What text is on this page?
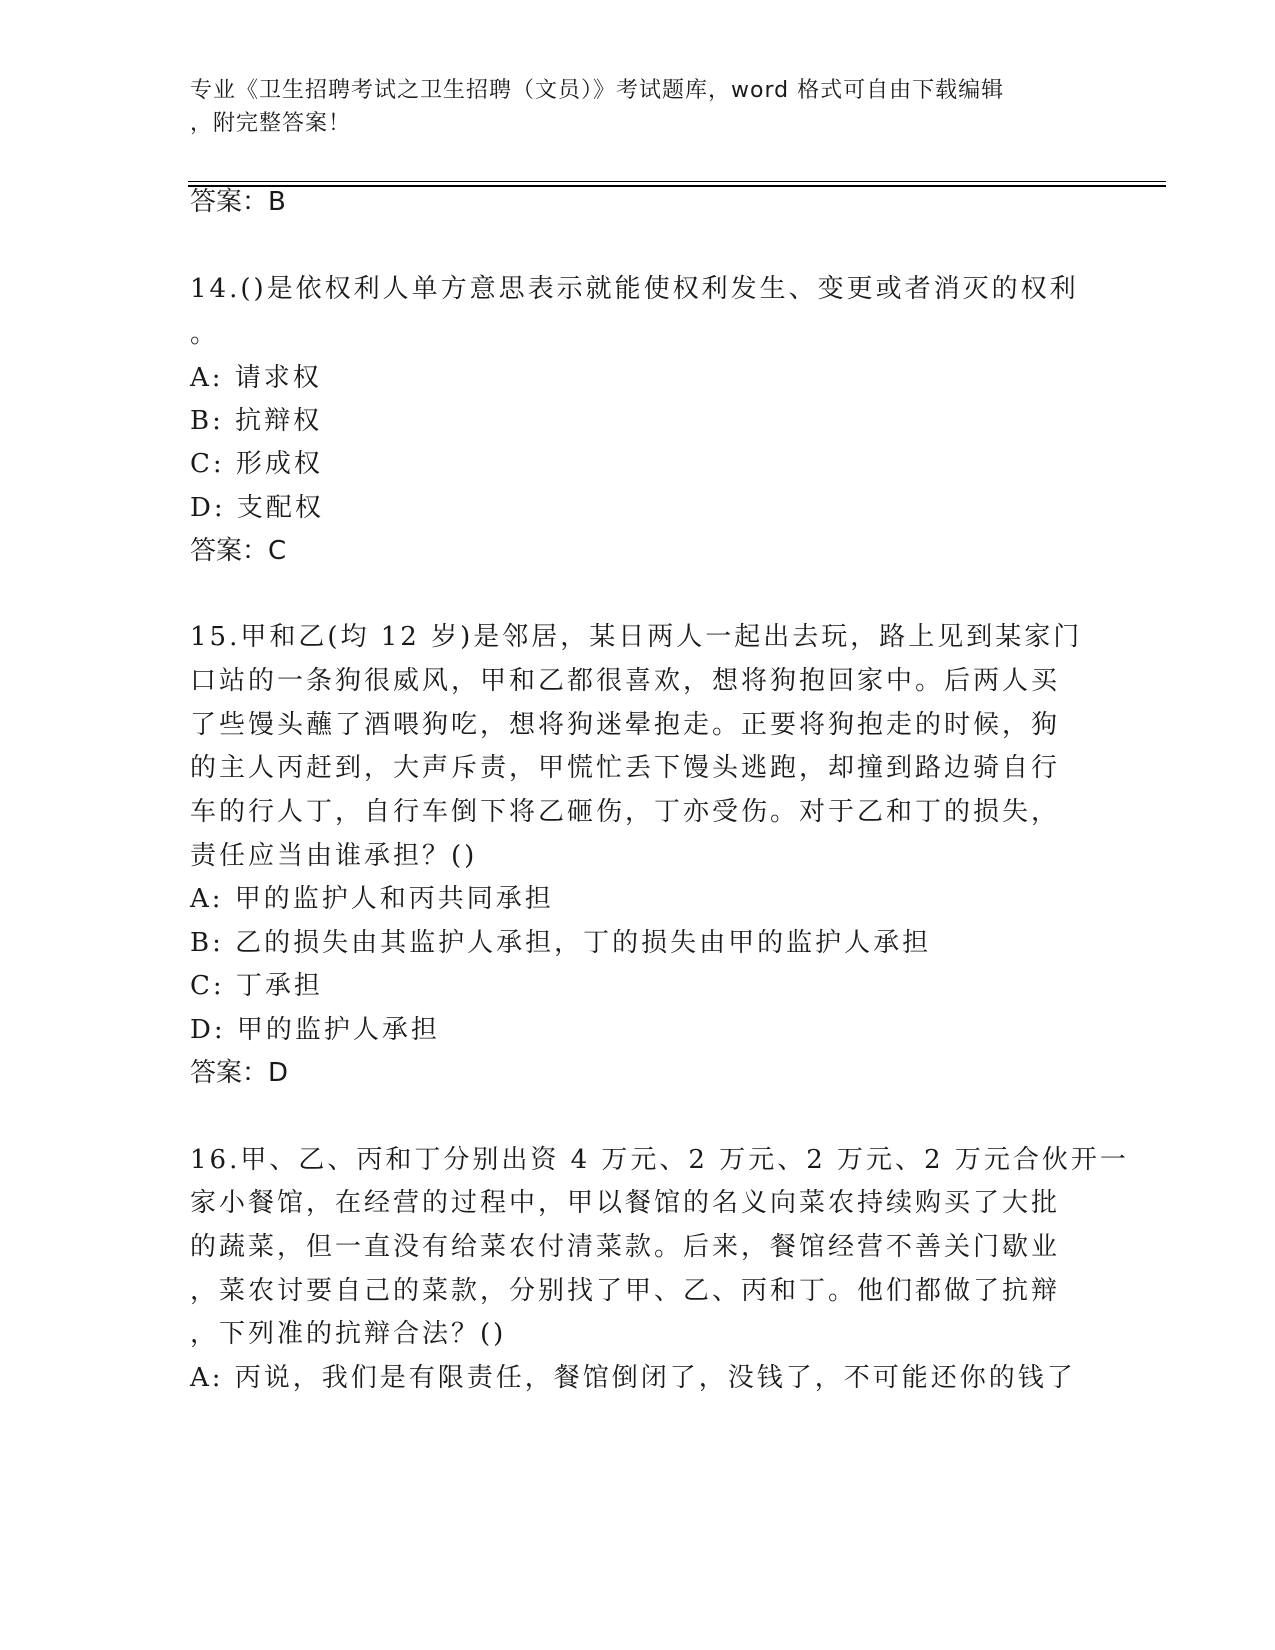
专业《卫生招聘考试之卫生招聘（文员）》考试题库，word 格式可自由下载编辑
，附完整答案！
答案：B
14.()是依权利人单方意思表示就能使权利发生、变更或者消灭的权利
。
A: 请求权
B: 抗辩权
C: 形成权
D: 支配权
答案：C
15.甲和乙(均 12 岁)是邻居，某日两人一起出去玩，路上见到某家门
口站的一条狗很威风，甲和乙都很喜欢，想将狗抱回家中。后两人买
了些馒头蘸了酒喂狗吃，想将狗迷晕抱走。正要将狗抱走的时候，狗
的主人丙赶到，大声斥责，甲慌忙丢下馒头逃跑，却撞到路边骑自行
车的行人丁，自行车倒下将乙砸伤，丁亦受伤。对于乙和丁的损失，
责任应当由谁承担？()
A: 甲的监护人和丙共同承担
B: 乙的损失由其监护人承担，丁的损失由甲的监护人承担
C: 丁承担
D: 甲的监护人承担
答案：D
16.甲、乙、丙和丁分别出资 4 万元、2 万元、2 万元、2 万元合伙开一
家小餐馆，在经营的过程中，甲以餐馆的名义向菜农持续购买了大批
的蔬菜，但一直没有给菜农付清菜款。后来，餐馆经营不善关门歇业
，菜农讨要自己的菜款，分别找了甲、乙、丙和丁。他们都做了抗辩
，下列准的抗辩合法？()
A: 丙说，我们是有限责任，餐馆倒闭了，没钱了，不可能还你的钱了
